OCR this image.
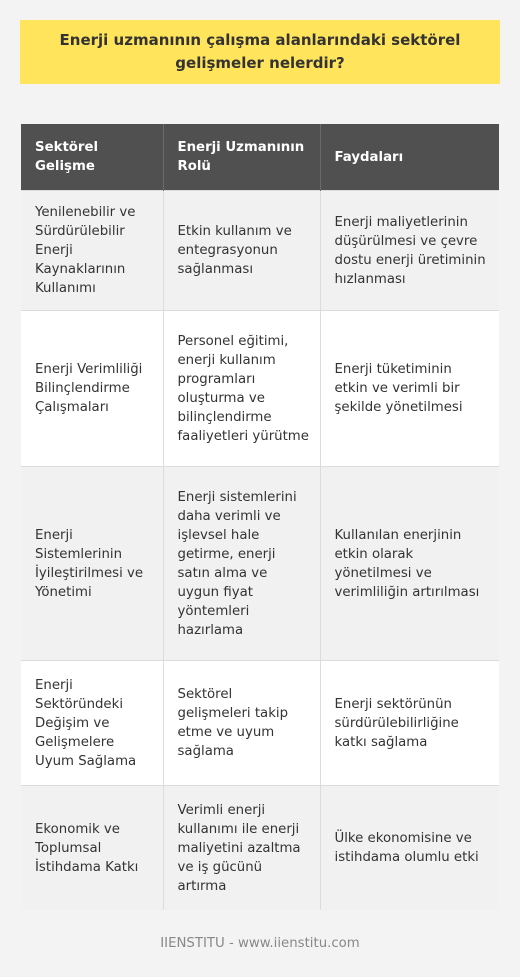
Enerji uzmanının çalışma alanlarındaki sektörel gelişmeler nelerdir?
Sektörel Gelişme	Enerji Uzmanının Rolü	Faydaları
Yenilenebilir ve Sürdürülebilir Enerji Kaynaklarının Kullanımı	Etkin kullanım ve entegrasyonun sağlanması	Enerji maliyetlerinin düşürülmesi ve çevre dostu enerji üretiminin hızlanması
Enerji Verimliliği Bilinçlendirme Çalışmaları	Personel eğitimi, enerji kullanım programları oluşturma ve bilinçlendirme faaliyetleri yürütme	Enerji tüketiminin etkin ve verimli bir şekilde yönetilmesi
Enerji Sistemlerinin İyileştirilmesi ve Yönetimi	Enerji sistemlerini daha verimli ve işlevsel hale getirme, enerji satın alma ve uygun fiyat yöntemleri hazırlama	Kullanılan enerjinin etkin olarak yönetilmesi ve verimliliğin artırılması
Enerji Sektöründeki Değişim ve Gelişmelere Uyum Sağlama	Sektörel gelişmeleri takip etme ve uyum sağlama	Enerji sektörünün sürdürülebilirliğine katkı sağlama
Ekonomik ve Toplumsal İstihdama Katkı	Verimli enerji kullanımı ile enerji maliyetini azaltma ve iş gücünü artırma	Ülke ekonomisine ve istihdama olumlu etki
IIENSTITU - www.iienstitu.com
